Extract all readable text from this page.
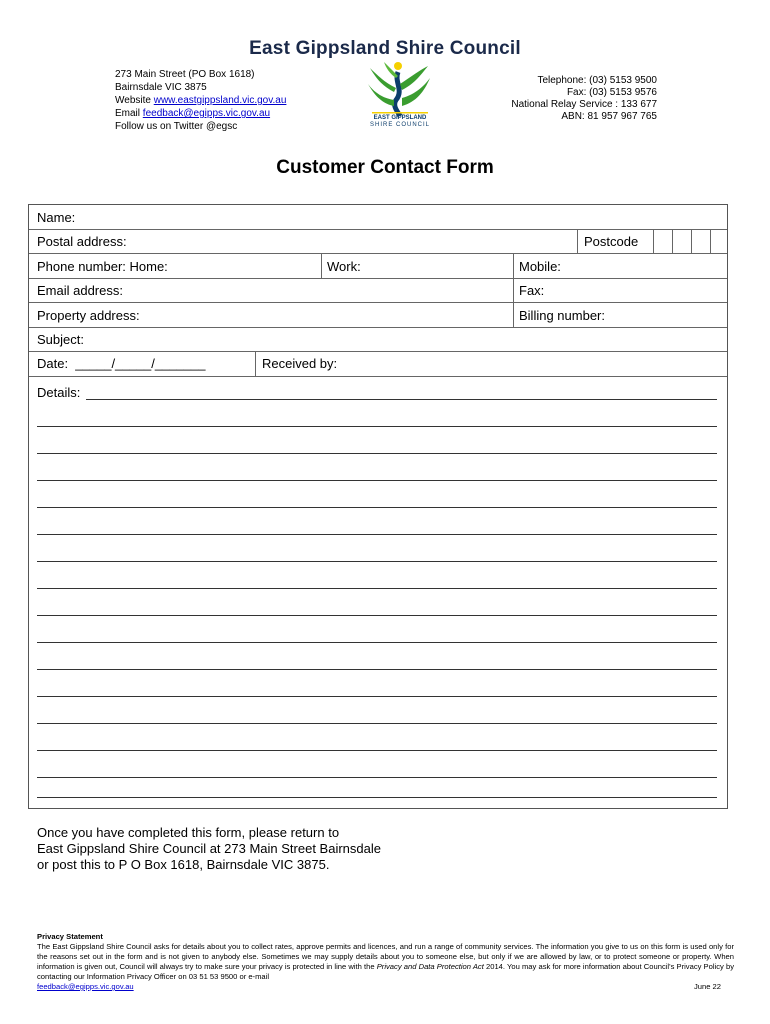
East Gippsland Shire Council
273 Main Street (PO Box 1618)
Bairnsdale VIC 3875
Website www.eastgippsland.vic.gov.au
Email feedback@egipps.vic.gov.au
Follow us on Twitter @egsc
EAST GIPPSLAND
SHIRE COUNCIL
Telephone: (03) 5153 9500
Fax: (03) 5153 9576
National Relay Service : 133 677
ABN: 81 957 967 765
Customer Contact Form
Name:
Postal address:	Postcode
Phone number: Home:	Work:	Mobile:
Email address:	Fax:
Property address:	Billing number:
Subject:
Date:  _____/_____/_______	Received by:
Details:
Once you have completed this form, please return to
East Gippsland Shire Council at 273 Main Street Bairnsdale
or post this to P O Box 1618, Bairnsdale VIC 3875.
Privacy Statement
The East Gippsland Shire Council asks for details about you to collect rates, approve permits and licences, and run a range of community services. The information you give to us on this form is used only for the reasons set out in the form and is not given to anybody else. Sometimes we may supply details about you to someone else, but only if we are allowed by law, or to protect someone or property. When information is given out, Council will always try to make sure your privacy is protected in line with the Privacy and Data Protection Act 2014. You may ask for more information about Council's Privacy Policy by contacting our Information Privacy Officer on 03 51 53 9500 or e-mail
feedback@egipps.vic.gov.au	June 22
